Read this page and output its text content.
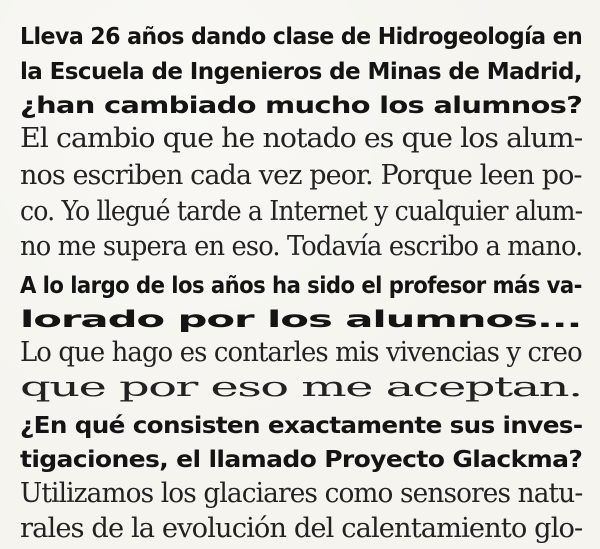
Lleva 26 años dando clase de Hidrogeología en
la Escuela de Ingenieros de Minas de Madrid,
¿han cambiado mucho los alumnos?
El cambio que he notado es que los alum-
nos escriben cada vez peor. Porque leen po-
co. Yo llegué tarde a Internet y cualquier alum-
no me supera en eso. Todavía escribo a mano.
A lo largo de los años ha sido el profesor más va-
lorado por los alumnos...
Lo que hago es contarles mis vivencias y creo
que por eso me aceptan.
¿En qué consisten exactamente sus inves-
tigaciones, el llamado Proyecto Glackma?
Utilizamos los glaciares como sensores natu-
rales de la evolución del calentamiento glo-
